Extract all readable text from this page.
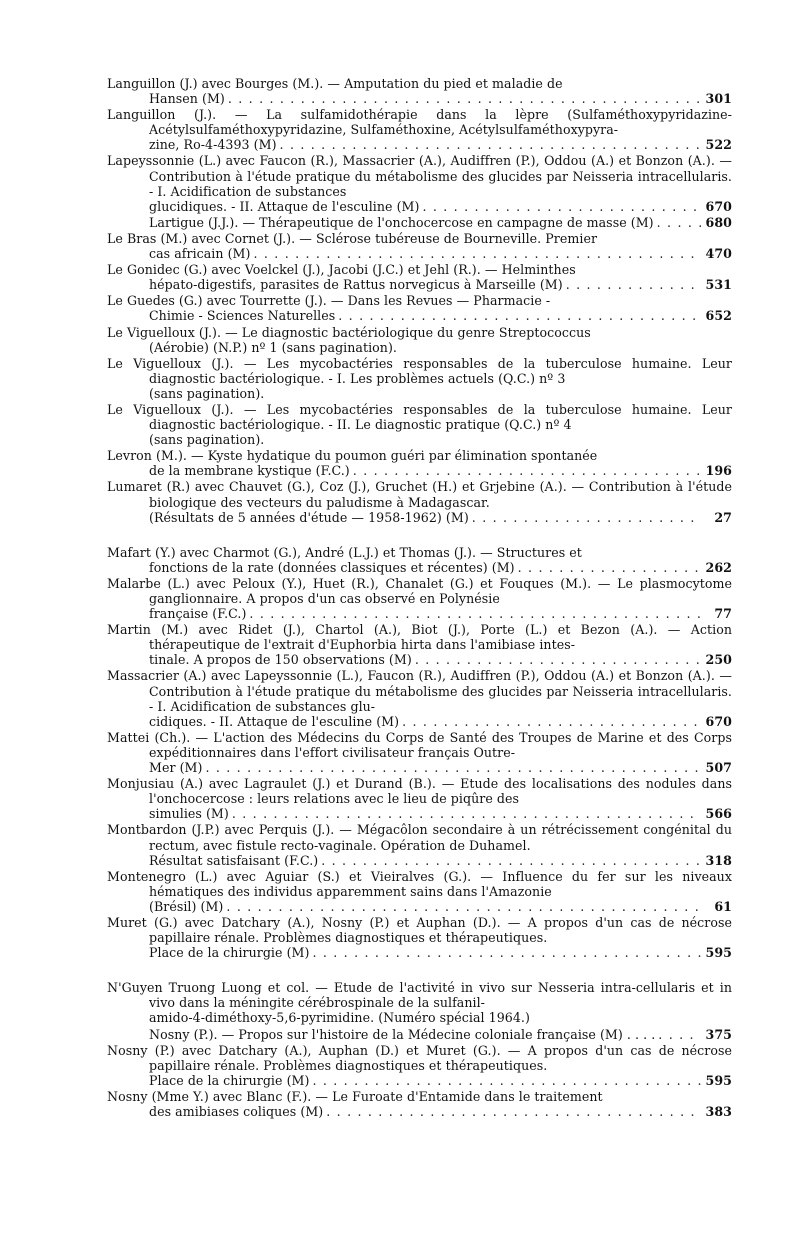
Languillon (J.) avec Bourges (M.). — Amputation du pied et maladie de
Hansen (M) . . .	301
Languillon (J.). — La sulfamidothérapie dans la lèpre (Sulfaméthoxypyridazine-Acétylsulfaméthoxypyridazine, Sulfaméthoxine, Acétylsulfaméthoxypyra-
zine, Ro-4-4393 (M) . . .	522
Lapeyssonnie (L.) avec Faucon (R.), Massacrier (A.), Audiffren (P.), Oddou (A.) et Bonzon (A.). — Contribution à l'étude pratique du métabolisme des glucides par Neisseria intracellularis. - I. Acidification de substances
glucidiques. - II. Attaque de l'esculine (M) . . .	670
Lartigue (J.J.). — Thérapeutique de l'onchocercose en campagne de masse (M) . . .	680
Le Bras (M.) avec Cornet (J.). — Sclérose tubéreuse de Bourneville. Premier
cas africain (M) . . .	470
Le Gonidec (G.) avec Voelckel (J.), Jacobi (J.C.) et Jehl (R.). — Helminthes
hépato-digestifs, parasites de Rattus norvegicus à Marseille (M) . . .	531
Le Guedes (G.) avec Tourrette (J.). — Dans les Revues — Pharmacie -
Chimie - Sciences Naturelles . . .	652
Le Viguelloux (J.). — Le diagnostic bactériologique du genre Streptococcus
(Aérobie) (N.P.) nº 1 (sans pagination).
Le Viguelloux (J.). — Les mycobactéries responsables de la tuberculose humaine. Leur diagnostic bactériologique. - I. Les problèmes actuels (Q.C.) nº 3
(sans pagination).
Le Viguelloux (J.). — Les mycobactéries responsables de la tuberculose humaine. Leur diagnostic bactériologique. - II. Le diagnostic pratique (Q.C.) nº 4
(sans pagination).
Levron (M.). — Kyste hydatique du poumon guéri par élimination spontanée
de la membrane kystique (F.C.) . . .	196
Lumaret (R.) avec Chauvet (G.), Coz (J.), Gruchet (H.) et Grjebine (A.). — Contribution à l'étude biologique des vecteurs du paludisme à Madagascar.
(Résultats de 5 années d'étude — 1958-1962) (M) . . .	27
Mafart (Y.) avec Charmot (G.), André (L.J.) et Thomas (J.). — Structures et
fonctions de la rate (données classiques et récentes) (M) . . .	262
Malarbe (L.) avec Peloux (Y.), Huet (R.), Chanalet (G.) et Fouques (M.). — Le plasmocytome ganglionnaire. A propos d'un cas observé en Polynésie
française (F.C.) . . .	77
Martin (M.) avec Ridet (J.), Chartol (A.), Biot (J.), Porte (L.) et Bezon (A.). — Action thérapeutique de l'extrait d'Euphorbia hirta dans l'amibiase intes-
tinale. A propos de 150 observations (M) . . .	250
Massacrier (A.) avec Lapeyssonnie (L.), Faucon (R.), Audiffren (P.), Oddou (A.) et Bonzon (A.). — Contribution à l'étude pratique du métabolisme des glucides par Neisseria intracellularis. - I. Acidification de substances glu-
cidiques. - II. Attaque de l'esculine (M) . . .	670
Mattei (Ch.). — L'action des Médecins du Corps de Santé des Troupes de Marine et des Corps expéditionnaires dans l'effort civilisateur français Outre-
Mer (M) . . .	507
Monjusiau (A.) avec Lagraulet (J.) et Durand (B.). — Etude des localisations des nodules dans l'onchocercose : leurs relations avec le lieu de piqûre des
simulies (M) . . .	566
Montbardon (J.P.) avec Perquis (J.). — Mégacôlon secondaire à un rétrécissement congénital du rectum, avec fistule recto-vaginale. Opération de Duhamel.
Résultat satisfaisant (F.C.) . . .	318
Montenegro (L.) avec Aguiar (S.) et Vieiralves (G.). — Influence du fer sur les niveaux hématiques des individus apparemment sains dans l'Amazonie
(Brésil) (M) . . .	61
Muret (G.) avec Datchary (A.), Nosny (P.) et Auphan (D.). — A propos d'un cas de nécrose papillaire rénale. Problèmes diagnostiques et thérapeutiques.
Place de la chirurgie (M) . . .	595
N'Guyen Truong Luong et col. — Etude de l'activité in vivo sur Nesseria intra-cellularis et in vivo dans la méningite cérébrospinale de la sulfanil-
amido-4-diméthoxy-5,6-pyrimidine. (Numéro spécial 1964.)
Nosny (P.). — Propos sur l'histoire de la Médecine coloniale française (M) . . . . . . .	375
Nosny (P.) avec Datchary (A.), Auphan (D.) et Muret (G.). — A propos d'un cas de nécrose papillaire rénale. Problèmes diagnostiques et thérapeutiques.
Place de la chirurgie (M) . . .	595
Nosny (Mme Y.) avec Blanc (F.). — Le Furoate d'Entamide dans le traitement
des amibiases coliques (M) . . .	383
